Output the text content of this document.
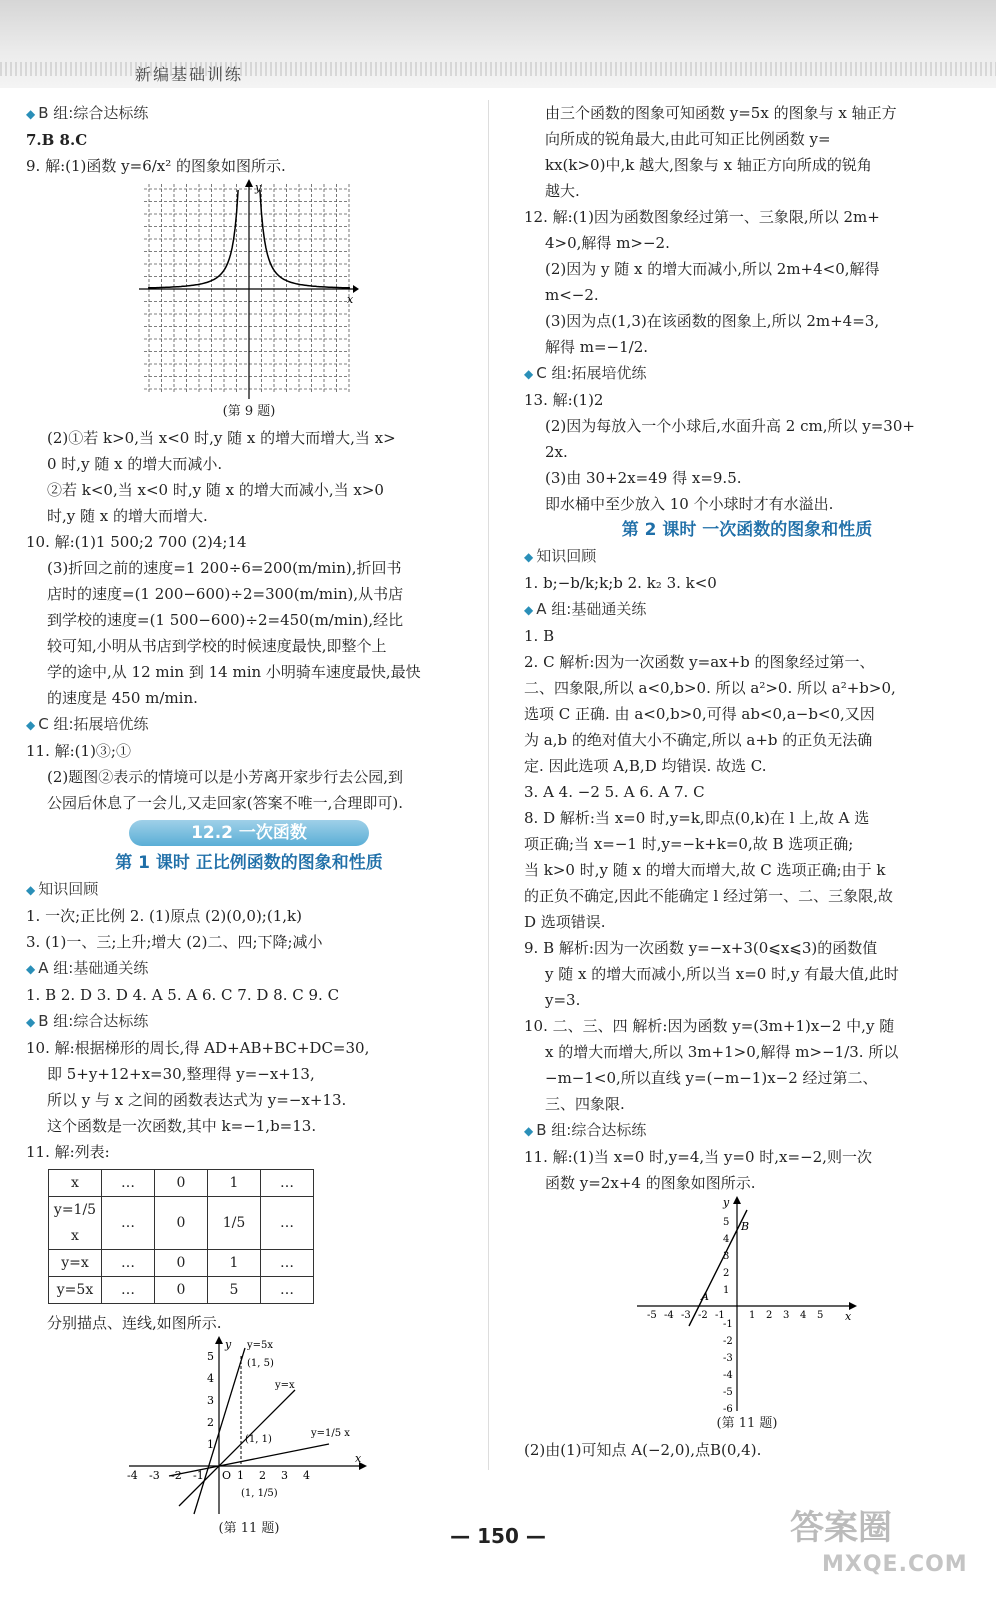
新编基础训练
◆ B 组:综合达标练
7.B 8.C
9. 解:(1)函数 y=6/x² 的图象如图所示.
y
x
(第 9 题)
(2)①若 k>0,当 x<0 时,y 随 x 的增大而增大,当 x>
0 时,y 随 x 的增大而减小.
②若 k<0,当 x<0 时,y 随 x 的增大而减小,当 x>0
时,y 随 x 的增大而增大.
10. 解:(1)1 500;2 700 (2)4;14
(3)折回之前的速度=1 200÷6=200(m/min),折回书
店时的速度=(1 200−600)÷2=300(m/min),从书店
到学校的速度=(1 500−600)÷2=450(m/min),经比
较可知,小明从书店到学校的时候速度最快,即整个上
学的途中,从 12 min 到 14 min 小明骑车速度最快,最快
的速度是 450 m/min.
◆ C 组:拓展培优练
11. 解:(1)③;①
(2)题图②表示的情境可以是小芳离开家步行去公园,到
公园后休息了一会儿,又走回家(答案不唯一,合理即可).
12.2 一次函数
第 1 课时 正比例函数的图象和性质
◆ 知识回顾
1. 一次;正比例 2. (1)原点 (2)(0,0);(1,k)
3. (1)一、三;上升;增大 (2)二、四;下降;减小
◆ A 组:基础通关练
1. B 2. D 3. D 4. A 5. A 6. C 7. D 8. C 9. C
◆ B 组:综合达标练
10. 解:根据梯形的周长,得 AD+AB+BC+DC=30,
即 5+y+12+x=30,整理得 y=−x+13,
所以 y 与 x 之间的函数表达式为 y=−x+13.
这个函数是一次函数,其中 k=−1,b=13.
11. 解:列表:
x	…	0	1	…
y=1/5 x	…	0	1/5	…
y=x	…	0	1	…
y=5x	…	0	5	…
分别描点、连线,如图所示.
-4 -3 -2 -1	1 2 3 4
1
2
3
4
5
y
x
O
y=5x
y=x
y=1/5 x
(1, 5)
(1, 1)
(1, 1/5)
(第 11 题)
由三个函数的图象可知函数 y=5x 的图象与 x 轴正方
向所成的锐角最大,由此可知正比例函数 y=
kx(k>0)中,k 越大,图象与 x 轴正方向所成的锐角
越大.
12. 解:(1)因为函数图象经过第一、三象限,所以 2m+
4>0,解得 m>−2.
(2)因为 y 随 x 的增大而减小,所以 2m+4<0,解得
m<−2.
(3)因为点(1,3)在该函数的图象上,所以 2m+4=3,
解得 m=−1/2.
◆ C 组:拓展培优练
13. 解:(1)2
(2)因为每放入一个小球后,水面升高 2 cm,所以 y=30+
2x.
(3)由 30+2x=49 得 x=9.5.
即水桶中至少放入 10 个小球时才有水溢出.
第 2 课时 一次函数的图象和性质
◆ 知识回顾
1. b;−b/k;k;b 2. k₂ 3. k<0
◆ A 组:基础通关练
1. B
2. C 解析:因为一次函数 y=ax+b 的图象经过第一、
二、四象限,所以 a<0,b>0. 所以 a²>0. 所以 a²+b>0,
选项 C 正确. 由 a<0,b>0,可得 ab<0,a−b<0,又因
为 a,b 的绝对值大小不确定,所以 a+b 的正负无法确
定. 因此选项 A,B,D 均错误. 故选 C.
3. A 4. −2 5. A 6. A 7. C
8. D 解析:当 x=0 时,y=k,即点(0,k)在 l 上,故 A 选
项正确;当 x=−1 时,y=−k+k=0,故 B 选项正确;
当 k>0 时,y 随 x 的增大而增大,故 C 选项正确;由于 k
的正负不确定,因此不能确定 l 经过第一、二、三象限,故
D 选项错误.
9. B 解析:因为一次函数 y=−x+3(0⩽x⩽3)的函数值
y 随 x 的增大而减小,所以当 x=0 时,y 有最大值,此时
y=3.
10. 二、三、四 解析:因为函数 y=(3m+1)x−2 中,y 随
x 的增大而增大,所以 3m+1>0,解得 m>−1/3. 所以
−m−1<0,所以直线 y=(−m−1)x−2 经过第二、
三、四象限.
◆ B 组:综合达标练
11. 解:(1)当 x=0 时,y=4,当 y=0 时,x=−2,则一次
函数 y=2x+4 的图象如图所示.
-5 -4 -3 -2 -1 1 2 3 4 5
5
4
3
2
1
-1
-2
-3
-4
-5
-6
y
x
A
B
(第 11 题)
(2)由(1)可知点 A(−2,0),点B(0,4).
— 150 —	答案圈
MXQE.COM
